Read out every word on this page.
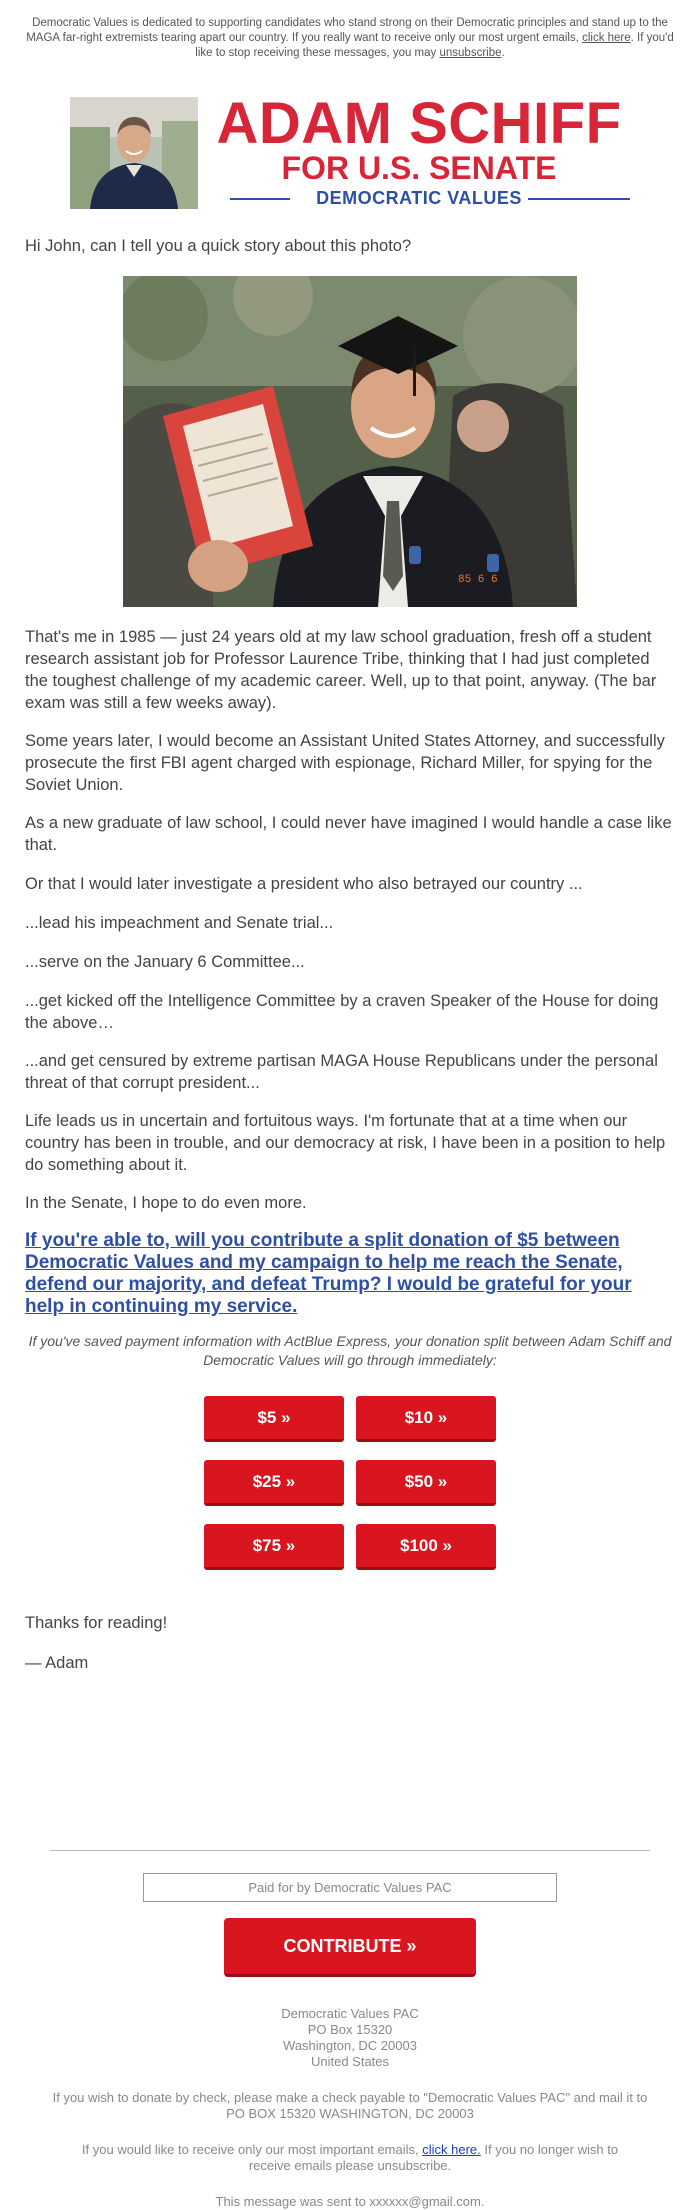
Democratic Values is dedicated to supporting candidates who stand strong on their Democratic principles and stand up to the MAGA far-right extremists tearing apart our country. If you really want to receive only our most urgent emails, click here. If you'd like to stop receiving these messages, you may unsubscribe.
ADAM SCHIFF
FOR U.S. SENATE
DEMOCRATIC VALUES

Hi John, can I tell you a quick story about this photo?

85 6 6

That's me in 1985 — just 24 years old at my law school graduation, fresh off a student research assistant job for Professor Laurence Tribe, thinking that I had just completed the toughest challenge of my academic career. Well, up to that point, anyway. (The bar exam was still a few weeks away).

Some years later, I would become an Assistant United States Attorney, and successfully prosecute the first FBI agent charged with espionage, Richard Miller, for spying for the Soviet Union.

As a new graduate of law school, I could never have imagined I would handle a case like that.

Or that I would later investigate a president who also betrayed our country ...

...lead his impeachment and Senate trial...

...serve on the January 6 Committee...

...get kicked off the Intelligence Committee by a craven Speaker of the House for doing the above…

...and get censured by extreme partisan MAGA House Republicans under the personal threat of that corrupt president...

Life leads us in uncertain and fortuitous ways. I'm fortunate that at a time when our country has been in trouble, and our democracy at risk, I have been in a position to help do something about it.

In the Senate, I hope to do even more.

If you're able to, will you contribute a split donation of $5 between Democratic Values and my campaign to help me reach the Senate, defend our majority, and defeat Trump? I would be grateful for your help in continuing my service.

If you've saved payment information with ActBlue Express, your donation split between Adam Schiff and Democratic Values will go through immediately:

$5 »	$10 »
$25 »	$50 »
$75 »	$100 »

Thanks for reading!

— Adam

Paid for by Democratic Values PAC
CONTRIBUTE »
Democratic Values PAC
PO Box 15320
Washington, DC 20003
United States
If you wish to donate by check, please make a check payable to "Democratic Values PAC" and mail it to PO BOX 15320 WASHINGTON, DC 20003
If you would like to receive only our most important emails, click here. If you no longer wish to receive emails please unsubscribe.
This message was sent to xxxxxx@gmail.com.
